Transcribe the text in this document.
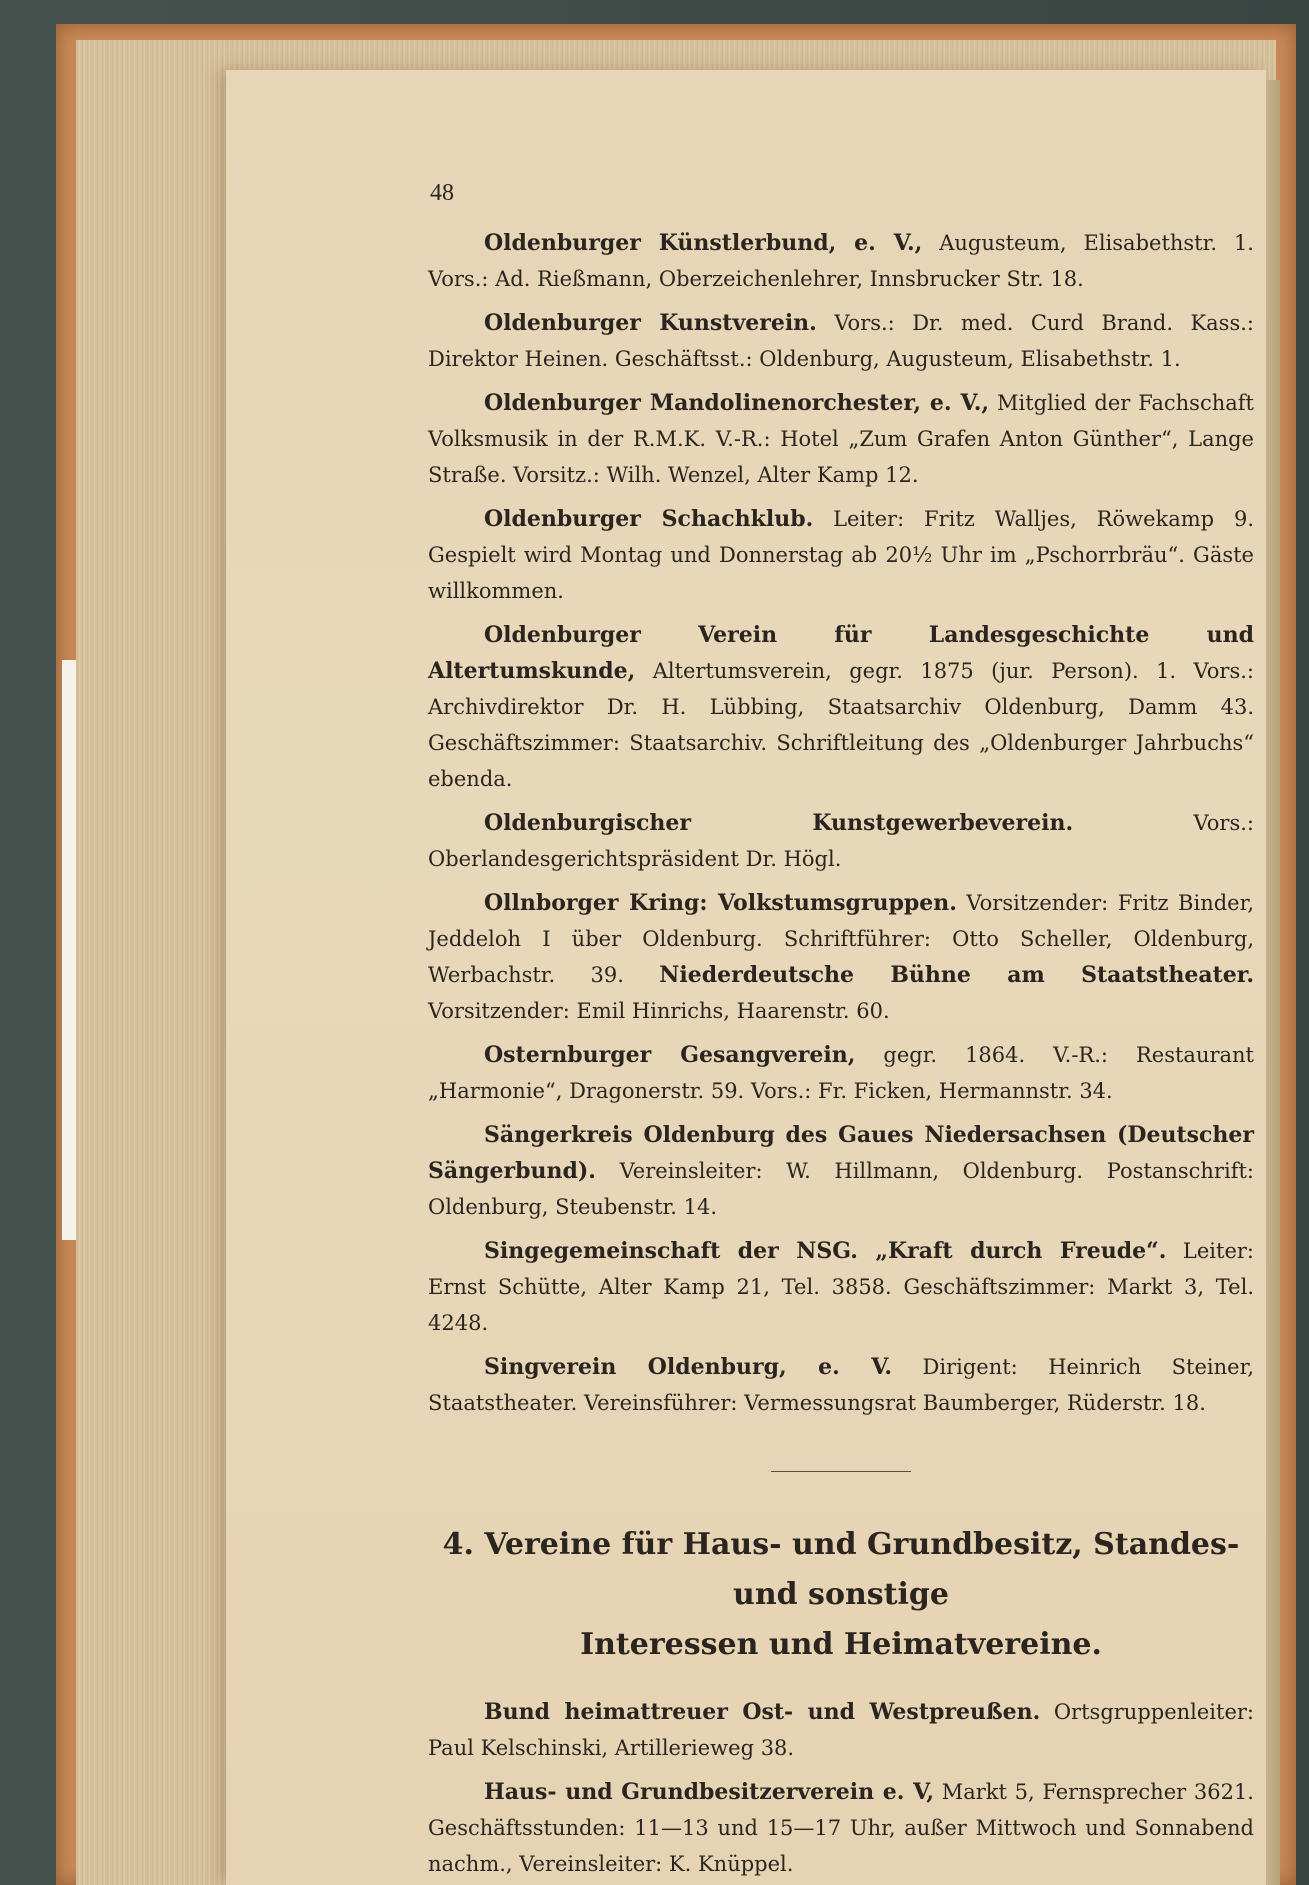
48
Oldenburger Künstlerbund, e. V., Augusteum, Elisabethstr. 1. Vors.: Ad. Rießmann, Oberzeichenlehrer, Innsbrucker Str. 18.
Oldenburger Kunstverein. Vors.: Dr. med. Curd Brand. Kass.: Direktor Heinen. Geschäftsst.: Oldenburg, Augusteum, Elisabethstr. 1.
Oldenburger Mandolinenorchester, e. V., Mitglied der Fachschaft Volksmusik in der R.M.K. V.-R.: Hotel „Zum Grafen Anton Günther“, Lange Straße. Vorsitz.: Wilh. Wenzel, Alter Kamp 12.
Oldenburger Schachklub. Leiter: Fritz Walljes, Röwekamp 9. Gespielt wird Montag und Donnerstag ab 20½ Uhr im „Pschorrbräu“. Gäste willkommen.
Oldenburger Verein für Landesgeschichte und Altertumskunde, Altertumsverein, gegr. 1875 (jur. Person). 1. Vors.: Archivdirektor Dr. H. Lübbing, Staatsarchiv Oldenburg, Damm 43. Geschäftszimmer: Staatsarchiv. Schriftleitung des „Oldenburger Jahrbuchs“ ebenda.
Oldenburgischer Kunstgewerbeverein.	Vors.: Oberlandesgerichtspräsident Dr. Högl.
Ollnborger Kring: Volkstumsgruppen. Vorsitzender: Fritz Binder, Jeddeloh I über Oldenburg. Schriftführer: Otto Scheller, Oldenburg, Werbachstr. 39. Niederdeutsche Bühne am Staatstheater. Vorsitzender: Emil Hinrichs, Haarenstr. 60.
Osternburger Gesangverein, gegr. 1864. V.-R.: Restaurant „Harmonie“, Dragonerstr. 59. Vors.: Fr. Ficken, Hermannstr. 34.
Sängerkreis Oldenburg des Gaues Niedersachsen (Deutscher Sängerbund). Vereinsleiter: W. Hillmann, Oldenburg. Postanschrift: Oldenburg, Steubenstr. 14.
Singegemeinschaft der NSG. „Kraft durch Freude“. Leiter: Ernst Schütte, Alter Kamp 21, Tel. 3858. Geschäftszimmer: Markt 3, Tel. 4248.
Singverein Oldenburg, e. V. Dirigent: Heinrich Steiner, Staatstheater. Vereinsführer: Vermessungsrat Baumberger, Rüderstr. 18.
4. Vereine für Haus- und Grundbesitz, Standes- und sonstige
Interessen und Heimatvereine.
Bund heimattreuer Ost- und Westpreußen. Ortsgruppenleiter: Paul Kelschinski, Artillerieweg 38.
Haus- und Grundbesitzerverein e. V, Markt 5, Fernsprecher 3621. Geschäftsstunden: 11—13 und 15—17 Uhr, außer Mittwoch und Sonnabend nachm., Vereinsleiter: K. Knüppel.
